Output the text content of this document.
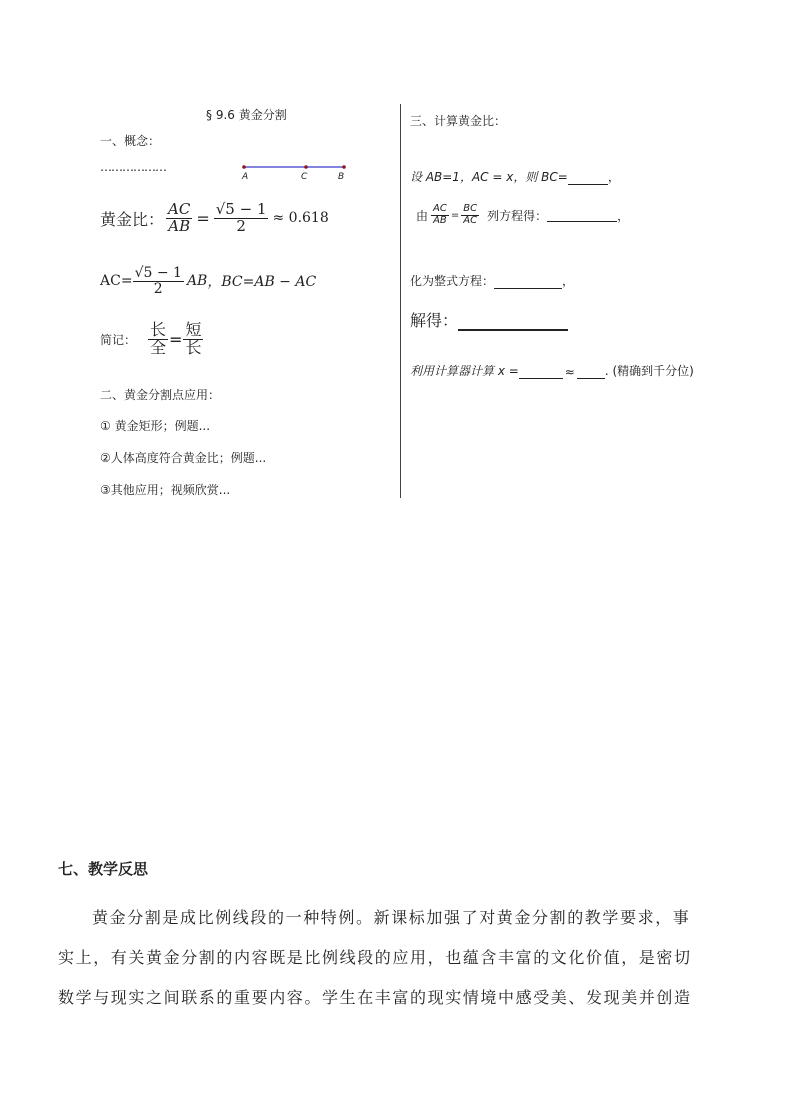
§ 9.6 黄金分割
一、概念：
………………
A	C	B
黄金比： $\frac{AC}{AB} = \frac{√5 - 1}{2} \approx 0.618$
$AC= \frac{√5 - 1}{2}$ AB ，BC=AB − AC
简记： $\frac{\text{长}}{\text{全}} = \frac{\text{短}}{\text{长}}$
二、黄金分割点应用：
① 黄金矩形；例题...
②人体高度符合黄金比；例题...
③其他应用；视频欣赏...
三、计算黄金比：
设 AB=1，AC = x，则 BC=	，
由 $\frac{AC}{AB} = \frac{BC}{AC}$ 列方程得：	，
化为整式方程：	，
解得：
利用计算器计算 x =	≈	. (精确到千分位)
七、教学反思
黄金分割是成比例线段的一种特例。新课标加强了对黄金分割的教学要求，事
实上，有关黄金分割的内容既是比例线段的应用，也蕴含丰富的文化价值，是密切
数学与现实之间联系的重要内容。学生在丰富的现实情境中感受美、发现美并创造
